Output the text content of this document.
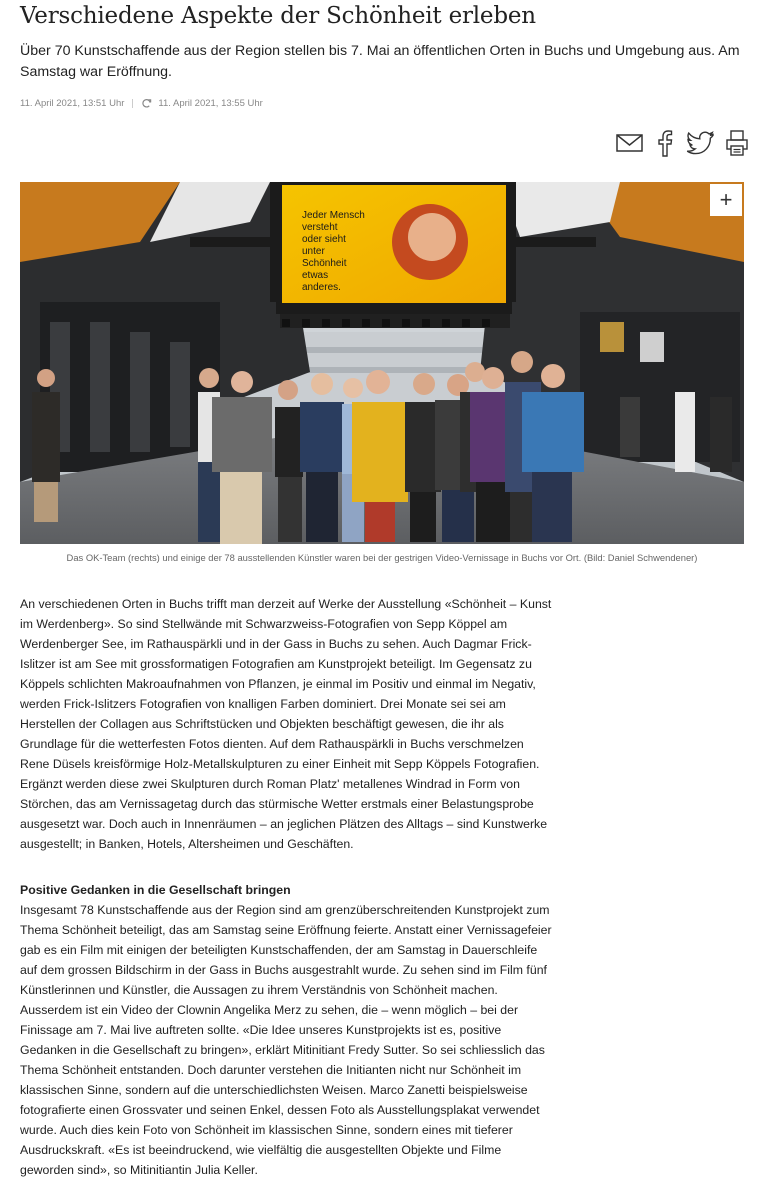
Verschiedene Aspekte der Schönheit erleben

Über 70 Kunstschaffende aus der Region stellen bis 7. Mai an öffentlichen Orten in Buchs und Umgebung aus. Am Samstag war Eröffnung.

11. April 2021, 13:51 Uhr	11. April 2021, 13:55 Uhr
Jeder Mensch
versteht
oder sieht
unter
Schönheit
etwas
anderes.
+

Das OK-Team (rechts) und einige der 78 ausstellenden Künstler waren bei der gestrigen Video-Vernissage in Buchs vor Ort. (Bild: Daniel Schwendener)

An verschiedenen Orten in Buchs trifft man derzeit auf Werke der Ausstellung «Schönheit – Kunst im Werdenberg». So sind Stellwände mit Schwarzweiss-Fotografien von Sepp Köppel am Werdenberger See, im Rathauspärkli und in der Gass in Buchs zu sehen. Auch Dagmar Frick-Islitzer ist am See mit grossformatigen Fotografien am Kunstprojekt beteiligt. Im Gegensatz zu Köppels schlichten Makroaufnahmen von Pflanzen, je einmal im Positiv und einmal im Negativ, werden Frick-Islitzers Fotografien von knalligen Farben dominiert. Drei Monate sei sei am Herstellen der Collagen aus Schriftstücken und Objekten beschäftigt gewesen, die ihr als Grundlage für die wetterfesten Fotos dienten. Auf dem Rathauspärkli in Buchs verschmelzen Rene Düsels kreisförmige Holz-Metallskulpturen zu einer Einheit mit Sepp Köppels Fotografien. Ergänzt werden diese zwei Skulpturen durch Roman Platz' metallenes Windrad in Form von Störchen, das am Vernissagetag durch das stürmische Wetter erstmals einer Belastungsprobe ausgesetzt war. Doch auch in Innenräumen – an jeglichen Plätzen des Alltags – sind Kunstwerke ausgestellt; in Banken, Hotels, Altersheimen und Geschäften.

Positive Gedanken in die Gesellschaft bringen

Insgesamt 78 Kunstschaffende aus der Region sind am grenzüberschreitenden Kunstprojekt zum Thema Schönheit beteiligt, das am Samstag seine Eröffnung feierte. Anstatt einer Vernissagefeier gab es ein Film mit einigen der beteiligten Kunstschaffenden, der am Samstag in Dauerschleife auf dem grossen Bildschirm in der Gass in Buchs ausgestrahlt wurde. Zu sehen sind im Film fünf Künstlerinnen und Künstler, die Aussagen zu ihrem Verständnis von Schönheit machen. Ausserdem ist ein Video der Clownin Angelika Merz zu sehen, die – wenn möglich – bei der Finissage am 7. Mai live auftreten sollte. «Die Idee unseres Kunstprojekts ist es, positive Gedanken in die Gesellschaft zu bringen», erklärt Mitinitiant Fredy Sutter. So sei schliesslich das Thema Schönheit entstanden. Doch darunter verstehen die Initianten nicht nur Schönheit im klassischen Sinne, sondern auf die unterschiedlichsten Weisen. Marco Zanetti beispielsweise fotografierte einen Grossvater und seinen Enkel, dessen Foto als Ausstellungsplakat verwendet wurde. Auch dies kein Foto von Schönheit im klassischen Sinne, sondern eines mit tieferer Ausdruckskraft. «Es ist beeindruckend, wie vielfältig die ausgestellten Objekte und Filme geworden sind», so Mitinitiantin Julia Keller.
